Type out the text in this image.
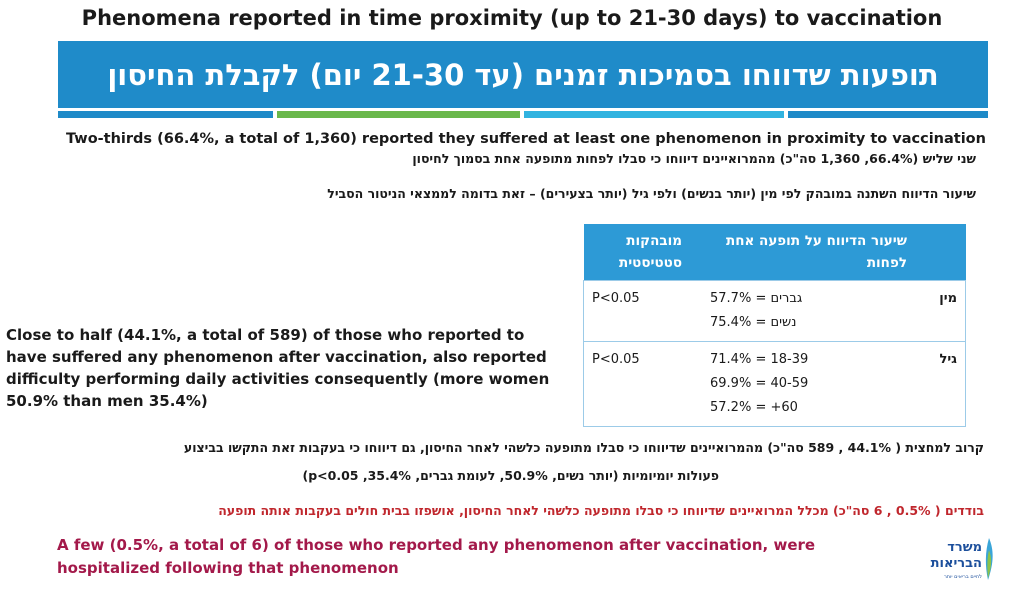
Phenomena reported in time proximity (up to 21-30 days) to vaccination
תופעות שדווחו בסמיכות זמנים (עד 21-30 יום) לקבלת החיסון
Two-thirds (66.4%, a total of 1,360) reported they suffered at least one phenomenon in proximity to vaccination
שני שליש (66.4%, 1,360 סה"כ) מהמרואיינים דיווחו כי סבלו לפחות מתופעה אחת בסמוך לחיסון
שיעור הדיווח השתנה במובהק לפי מין (יותר בנשים) ולפי גיל (יותר בצעירים) – זאת בדומה לממצאי הניטור הסביל
Close to half (44.1%, a total of 589) of those who reported to have suffered any phenomenon after vaccination, also reported difficulty performing daily activities consequently (more women 50.9% than men 35.4%)
	שיעור הדיווח על תופעה אחת לפחות	מובהקות סטטיסטית
מין	גברים = 57.7%
נשים = 75.4%	P<0.05
גיל	18-39 = 71.4%
40-59 = 69.9%
60+ = 57.2%	P<0.05
קרוב למחצית ( 44.1% , 589 סה"כ) מהמרואיינים שדיווחו כי סבלו מתופעה כלשהי לאחר החיסון, גם דיווחו כי בעקבות זאת התקשו בביצוע
פעולות יומיומיות (יותר נשים, 50.9%, לעומת גברים, 35.4%, p<0.05)
בודדים ( 0.5% , 6 סה"כ) מכלל המרואיינים שדיווחו כי סבלו מתופעה כלשהי לאחר החיסון, אושפזו בבית חולים בעקבות אותה תופעה
A few (0.5%, a total of 6) of those who reported any phenomenon after vaccination, were hospitalized following that phenomenon
משרד
הבריאות
לחיים בריאים יותר
